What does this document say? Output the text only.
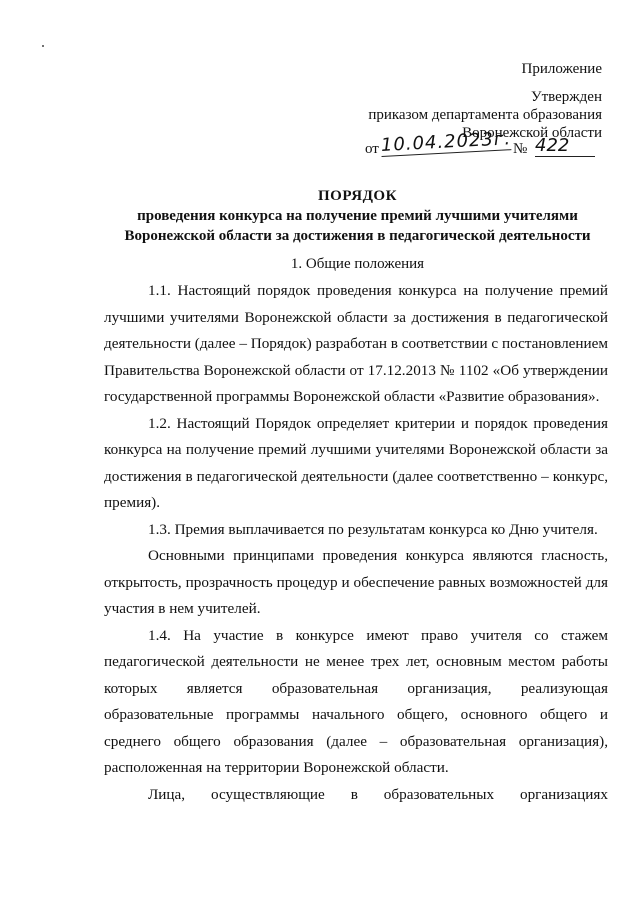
Приложение
Утвержден
приказом департамента образования
Воронежской области
от 10.04.2023г. № 422
ПОРЯДОК
проведения конкурса на получение премий лучшими учителями
Воронежской области за достижения в педагогической деятельности
1. Общие положения

1.1. Настоящий порядок проведения конкурса на получение премий лучшими учителями Воронежской области за достижения в педагогической деятельности (далее – Порядок) разработан в соответствии с постановлением Правительства Воронежской области от 17.12.2013 № 1102 «Об утверждении государственной программы Воронежской области «Развитие образования».

1.2. Настоящий Порядок определяет критерии и порядок проведения конкурса на получение премий лучшими учителями Воронежской области за достижения в педагогической деятельности (далее соответственно – конкурс, премия).

1.3. Премия выплачивается по результатам конкурса ко Дню учителя.

Основными принципами проведения конкурса являются гласность, открытость, прозрачность процедур и обеспечение равных возможностей для участия в нем учителей.

1.4. На участие в конкурсе имеют право учителя со стажем педагогической деятельности не менее трех лет, основным местом работы которых является образовательная организация, реализующая образовательные программы начального общего, основного общего и среднего общего образования (далее – образовательная организация), расположенная на территории Воронежской области.

Лица, осуществляющие в образовательных организациях
